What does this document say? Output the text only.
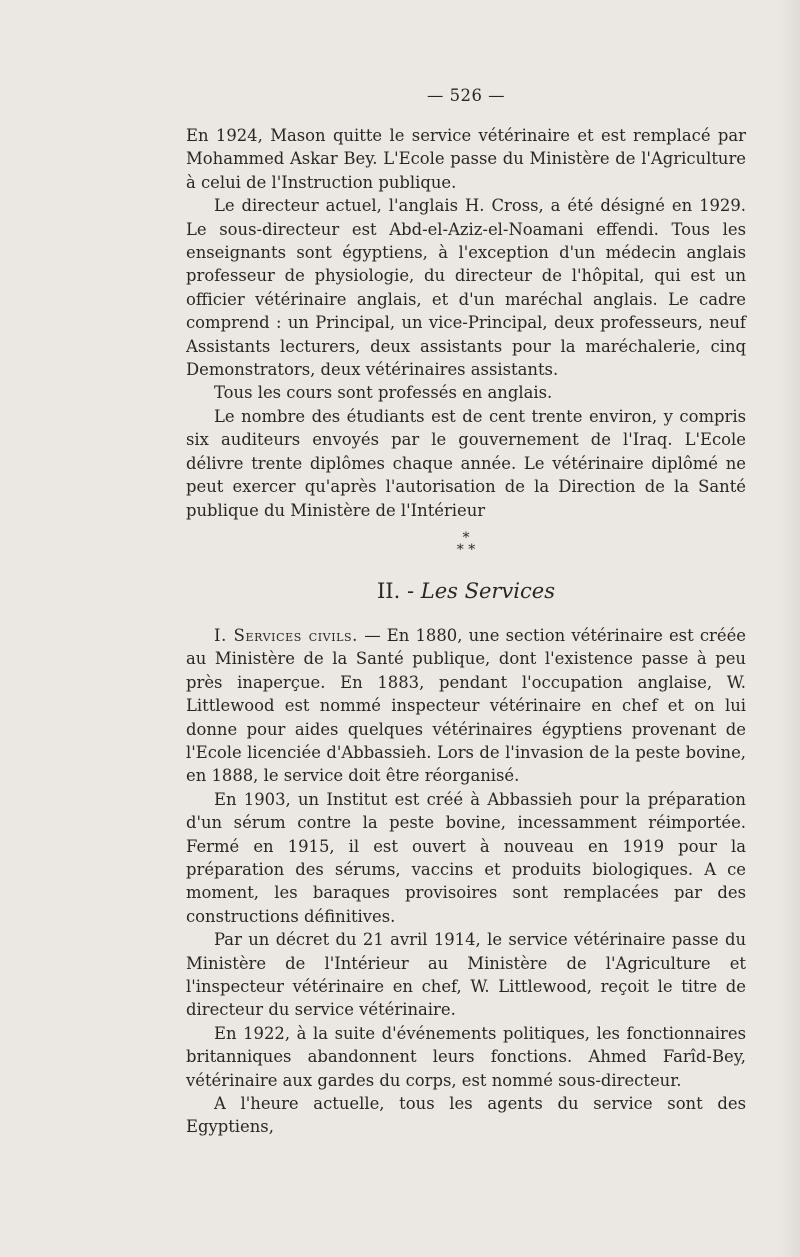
— 526 —

En 1924, Mason quitte le service vétérinaire et est remplacé par Mohammed Askar Bey. L'Ecole passe du Ministère de l'Agriculture à celui de l'Instruction publique.

Le directeur actuel, l'anglais H. Cross, a été désigné en 1929. Le sous-directeur est Abd-el-Aziz-el-Noamani effendi. Tous les enseignants sont égyptiens, à l'exception d'un médecin anglais professeur de physiologie, du directeur de l'hôpital, qui est un officier vétérinaire anglais, et d'un maréchal anglais. Le cadre comprend : un Principal, un vice-Principal, deux professeurs, neuf Assistants lecturers, deux assistants pour la maréchalerie, cinq Demonstrators, deux vétérinaires assistants.

Tous les cours sont professés en anglais.

Le nombre des étudiants est de cent trente environ, y compris six auditeurs envoyés par le gouvernement de l'Iraq. L'Ecole délivre trente diplômes chaque année. Le vétérinaire diplômé ne peut exercer qu'après l'autorisation de la Direction de la Santé publique du Ministère de l'Intérieur

*
* *
II. - Les Services

I. Services civils. — En 1880, une section vétérinaire est créée au Ministère de la Santé publique, dont l'existence passe à peu près inaperçue. En 1883, pendant l'occupation anglaise, W. Littlewood est nommé inspecteur vétérinaire en chef et on lui donne pour aides quelques vétérinaires égyptiens provenant de l'Ecole licenciée d'Abbassieh. Lors de l'invasion de la peste bovine, en 1888, le service doit être réorganisé.

En 1903, un Institut est créé à Abbassieh pour la préparation d'un sérum contre la peste bovine, incessamment réimportée. Fermé en 1915, il est ouvert à nouveau en 1919 pour la préparation des sérums, vaccins et produits biologiques. A ce moment, les baraques provisoires sont remplacées par des constructions définitives.

Par un décret du 21 avril 1914, le service vétérinaire passe du Ministère de l'Intérieur au Ministère de l'Agriculture et l'inspecteur vétérinaire en chef, W. Littlewood, reçoit le titre de directeur du service vétérinaire.

En 1922, à la suite d'événements politiques, les fonctionnaires britanniques abandonnent leurs fonctions. Ahmed Farîd-Bey, vétérinaire aux gardes du corps, est nommé sous-directeur.

A l'heure actuelle, tous les agents du service sont des Egyptiens,
